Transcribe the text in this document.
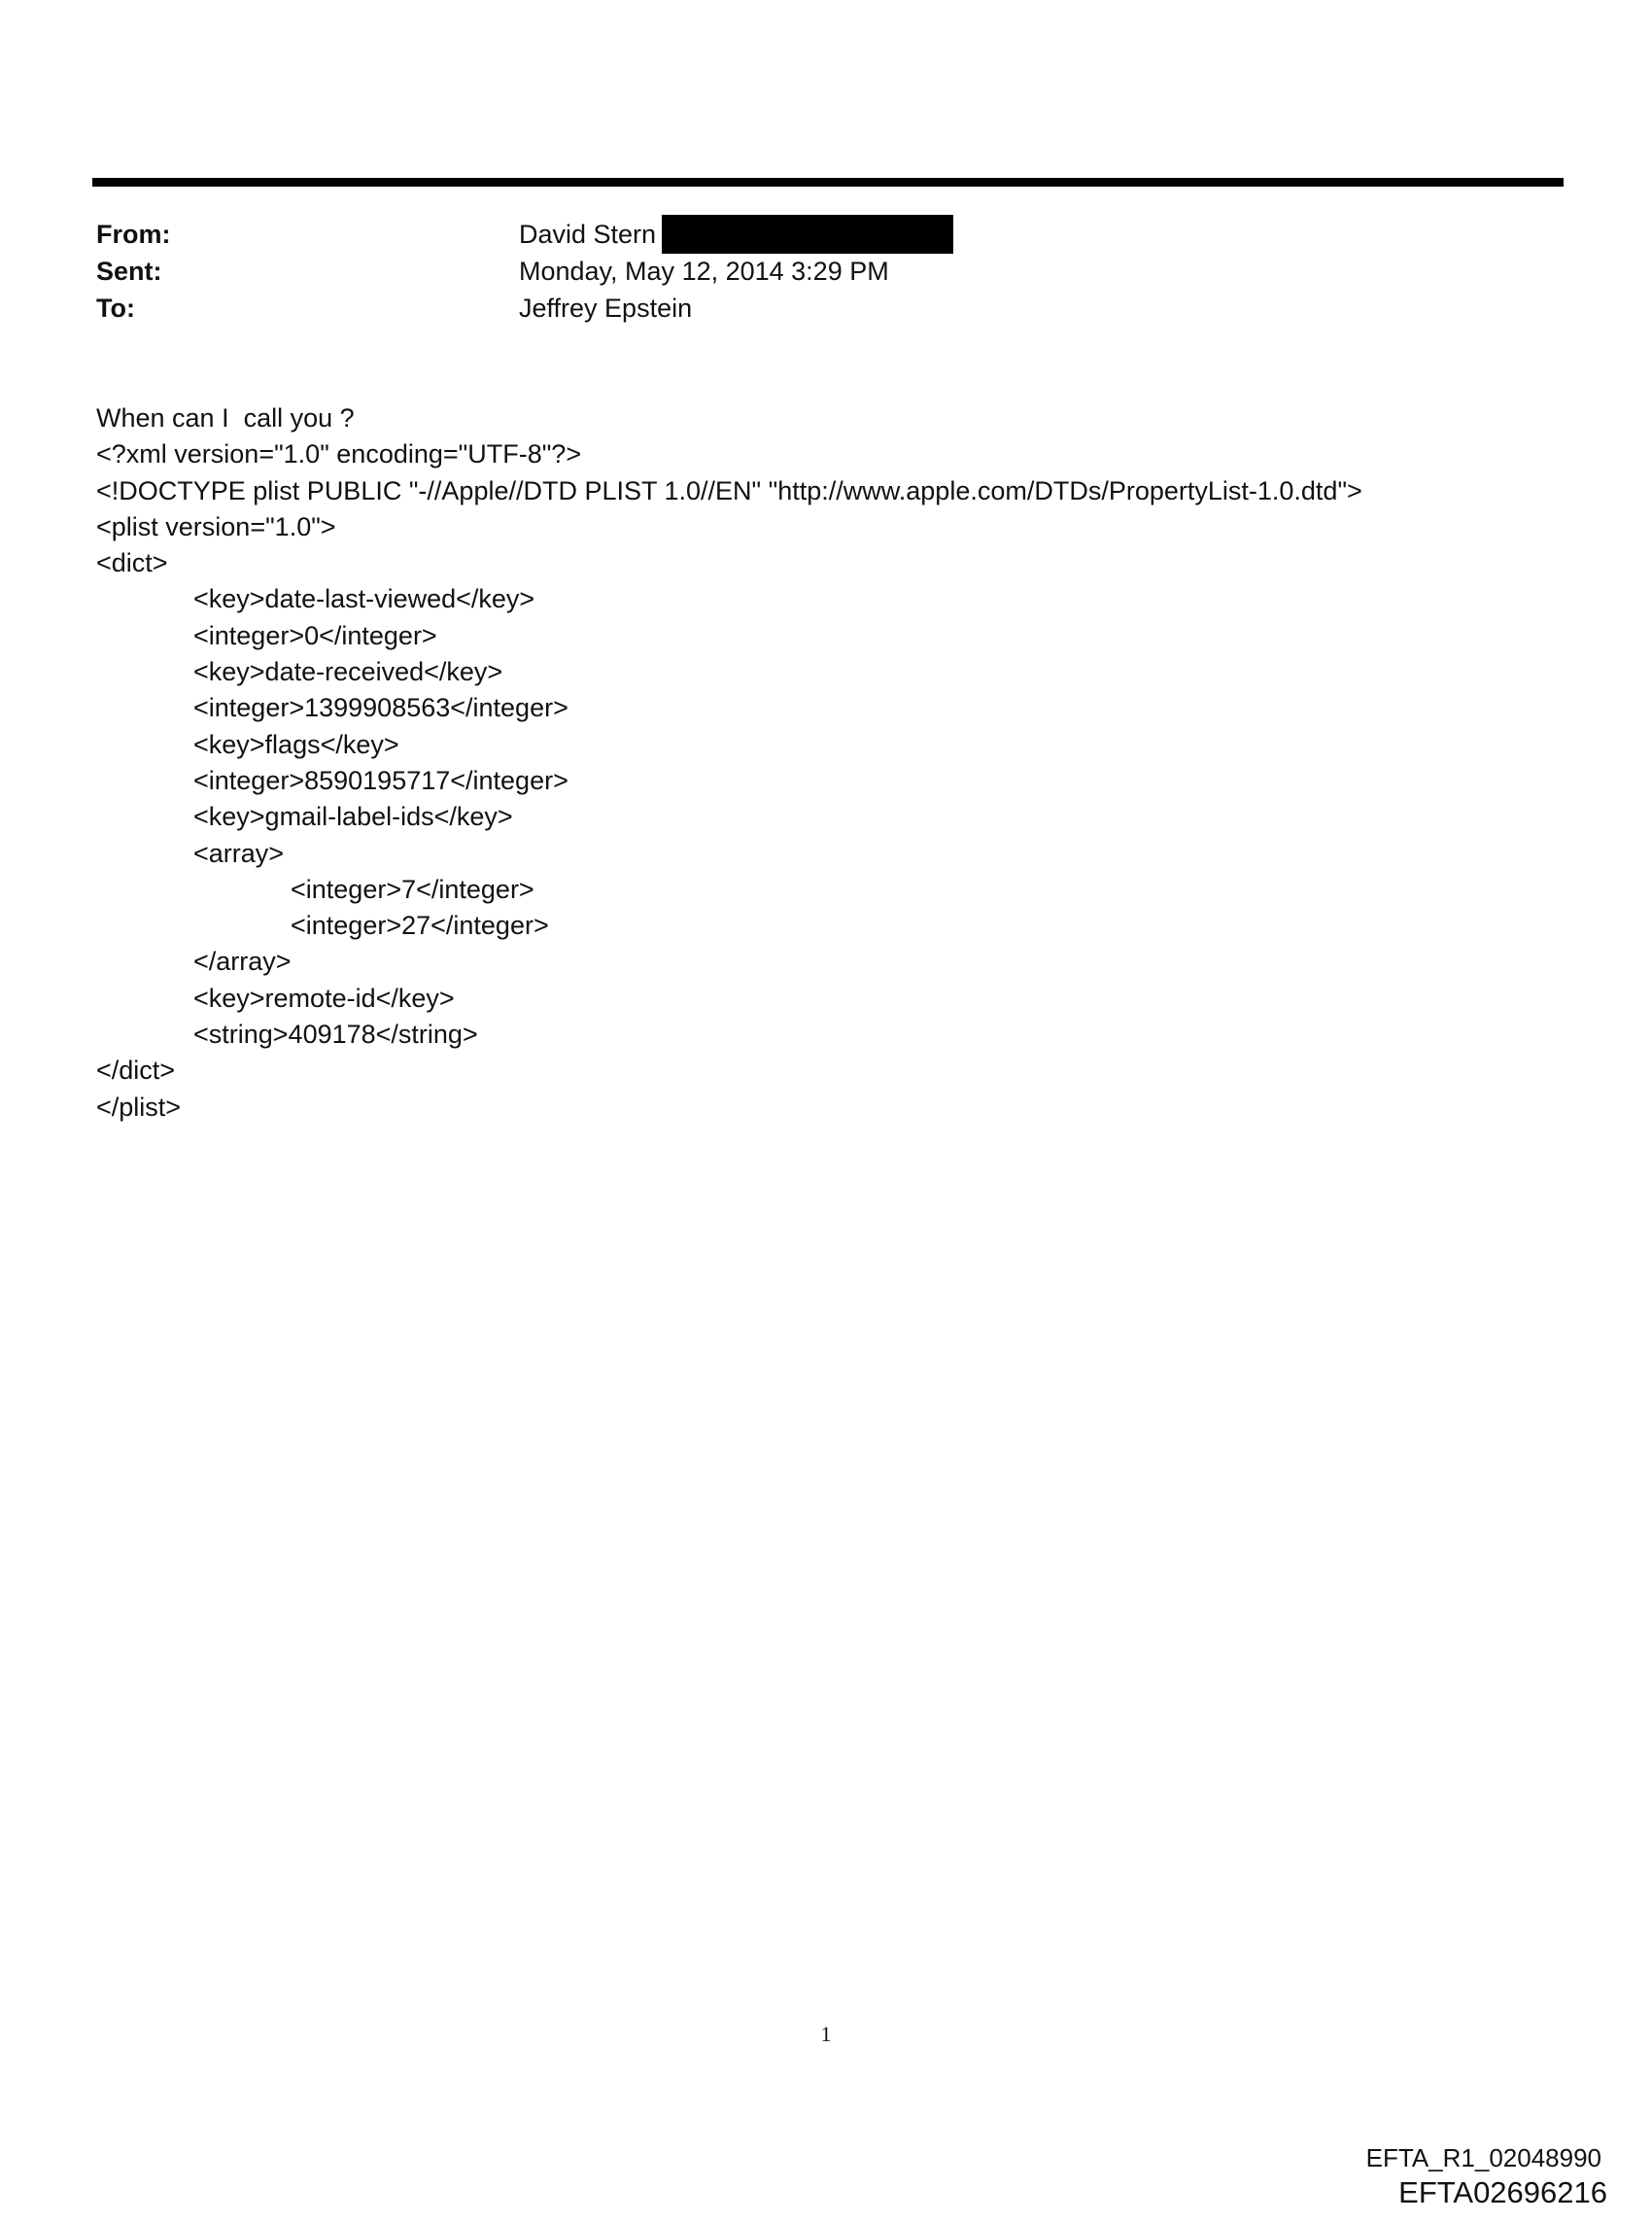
From:	David Stern
Sent:	Monday, May 12, 2014 3:29 PM
To:	Jeffrey Epstein
When can I  call you ?
<?xml version="1.0" encoding="UTF-8"?>
<!DOCTYPE plist PUBLIC "-//Apple//DTD PLIST 1.0//EN" "http://www.apple.com/DTDs/PropertyList-1.0.dtd">
<plist version="1.0">
<dict>
<key>date-last-viewed</key>
<integer>0</integer>
<key>date-received</key>
<integer>1399908563</integer>
<key>flags</key>
<integer>8590195717</integer>
<key>gmail-label-ids</key>
<array>
<integer>7</integer>
<integer>27</integer>
</array>
<key>remote-id</key>
<string>409178</string>
</dict>
</plist>
1
EFTA_R1_02048990
EFTA02696216
